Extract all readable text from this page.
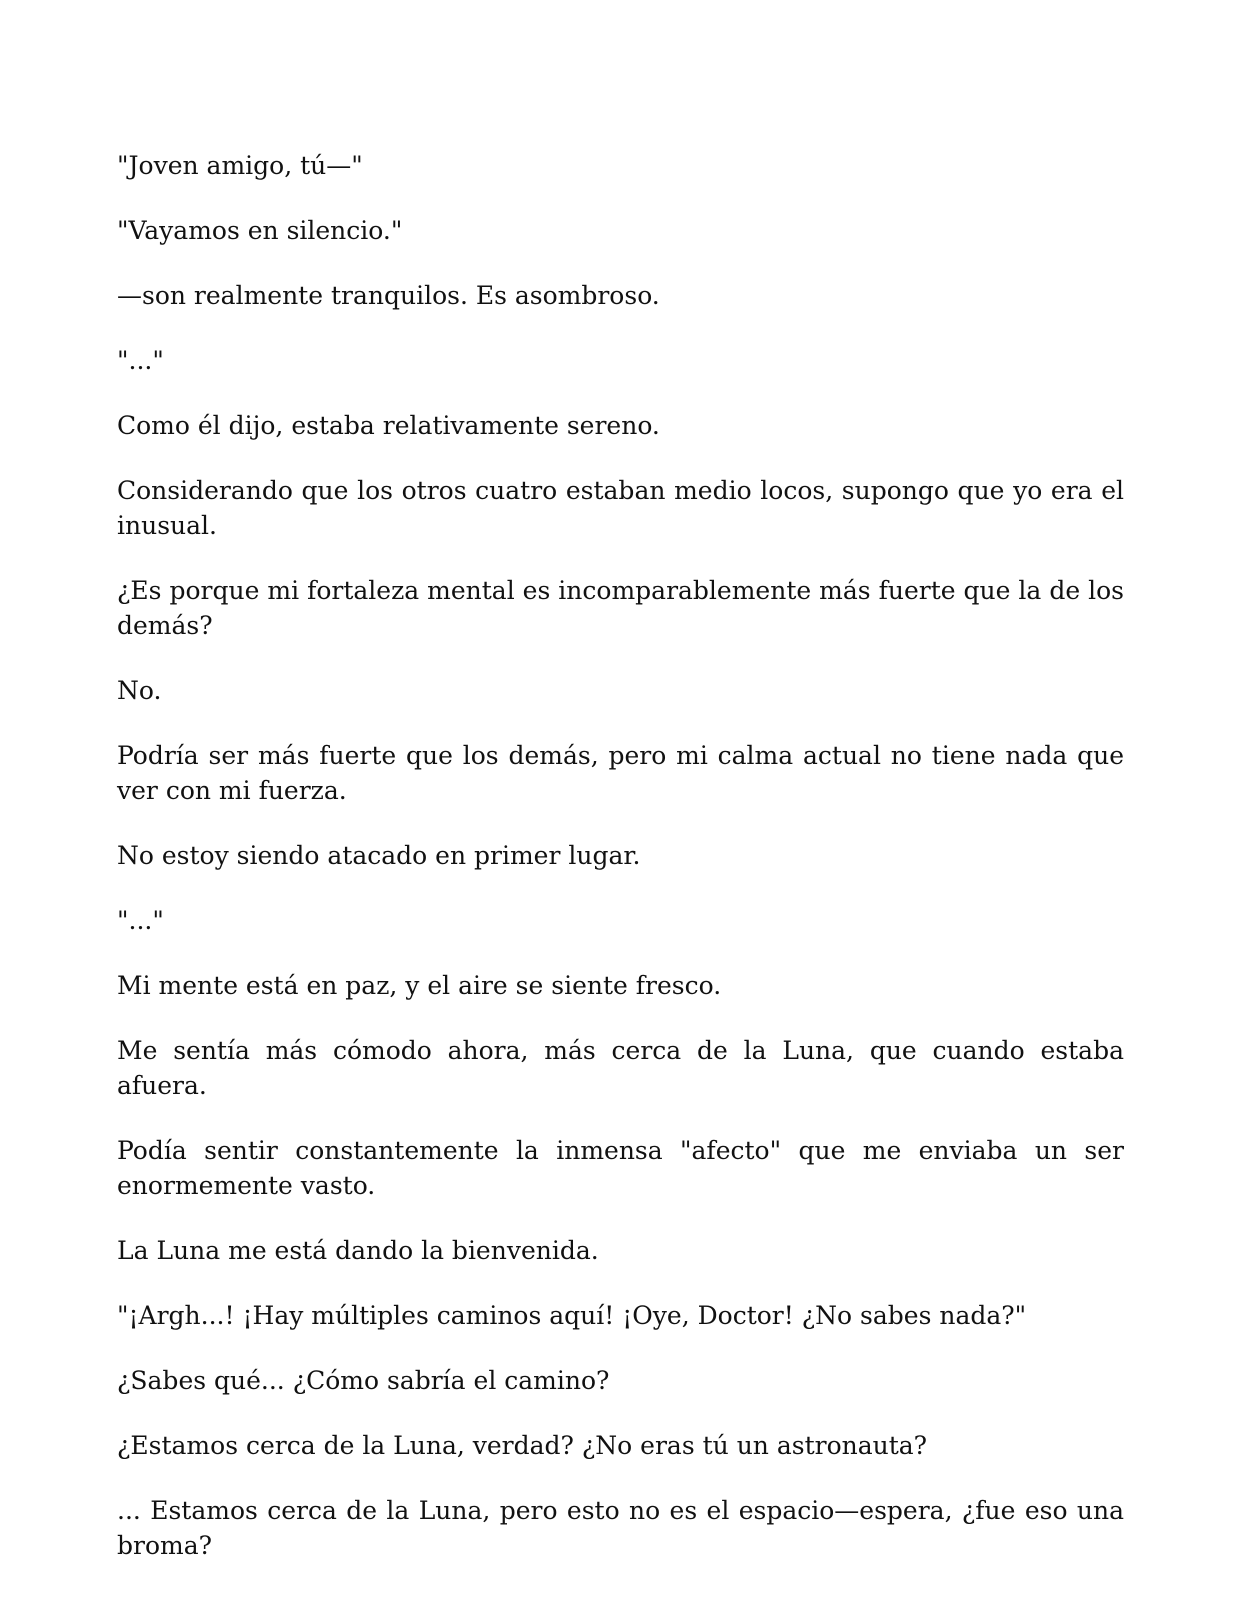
"Joven amigo, tú—"

"Vayamos en silencio."

—son realmente tranquilos. Es asombroso.

"..."

Como él dijo, estaba relativamente sereno.

Considerando que los otros cuatro estaban medio locos, supongo que yo era el inusual.

¿Es porque mi fortaleza mental es incomparablemente más fuerte que la de los demás?

No.

Podría ser más fuerte que los demás, pero mi calma actual no tiene nada que ver con mi fuerza.

No estoy siendo atacado en primer lugar.

"..."

Mi mente está en paz, y el aire se siente fresco.

Me sentía más cómodo ahora, más cerca de la Luna, que cuando estaba afuera.

Podía sentir constantemente la inmensa "afecto" que me enviaba un ser enormemente vasto.

La Luna me está dando la bienvenida.

"¡Argh...! ¡Hay múltiples caminos aquí! ¡Oye, Doctor! ¿No sabes nada?"

¿Sabes qué... ¿Cómo sabría el camino?

¿Estamos cerca de la Luna, verdad? ¿No eras tú un astronauta?

... Estamos cerca de la Luna, pero esto no es el espacio—espera, ¿fue eso una broma?
